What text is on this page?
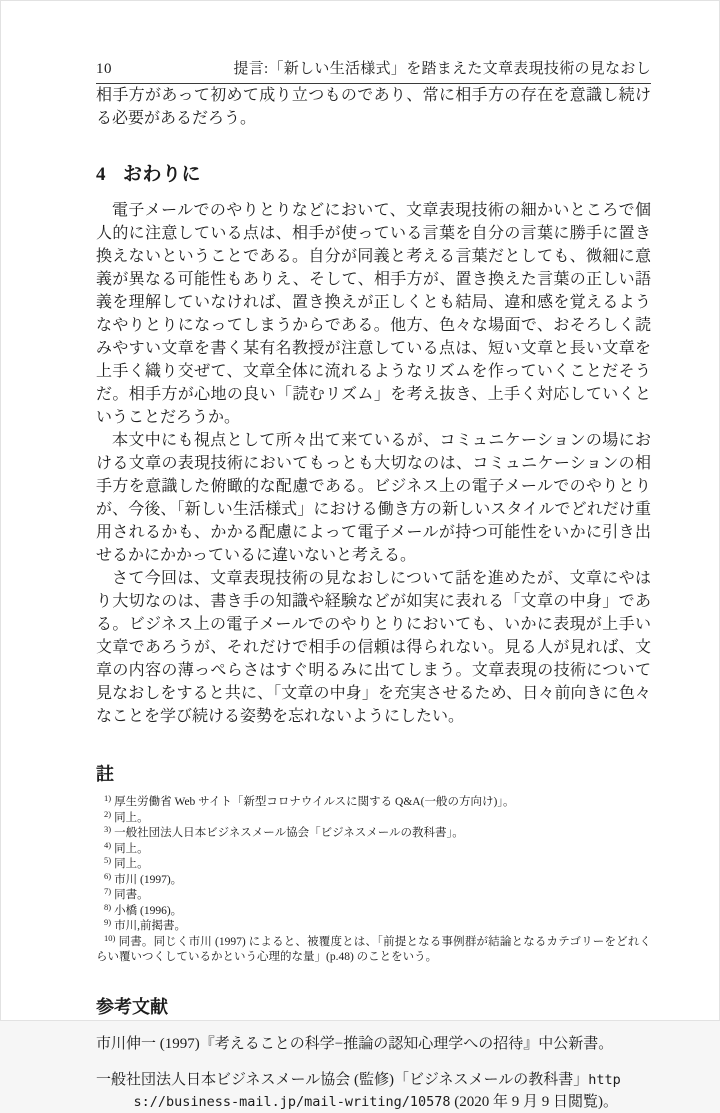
10	提言:「新しい生活様式」を踏まえた文章表現技術の見なおし

相手方があって初めて成り立つものであり、常に相手方の存在を意識し続ける必要があるだろう。

4 おわりに

電子メールでのやりとりなどにおいて、文章表現技術の細かいところで個人的に注意している点は、相手が使っている言葉を自分の言葉に勝手に置き換えないということである。自分が同義と考える言葉だとしても、微細に意義が異なる可能性もありえ、そして、相手方が、置き換えた言葉の正しい語義を理解していなければ、置き換えが正しくとも結局、違和感を覚えるようなやりとりになってしまうからである。他方、色々な場面で、おそろしく読みやすい文章を書く某有名教授が注意している点は、短い文章と長い文章を上手く織り交ぜて、文章全体に流れるようなリズムを作っていくことだそうだ。相手方が心地の良い「読むリズム」を考え抜き、上手く対応していくということだろうか。

本文中にも視点として所々出て来ているが、コミュニケーションの場における文章の表現技術においてもっとも大切なのは、コミュニケーションの相手方を意識した俯瞰的な配慮である。ビジネス上の電子メールでのやりとりが、今後、「新しい生活様式」における働き方の新しいスタイルでどれだけ重用されるかも、かかる配慮によって電子メールが持つ可能性をいかに引き出せるかにかかっているに違いないと考える。

さて今回は、文章表現技術の見なおしについて話を進めたが、文章にやはり大切なのは、書き手の知識や経験などが如実に表れる「文章の中身」である。ビジネス上の電子メールでのやりとりにおいても、いかに表現が上手い文章であろうが、それだけで相手の信頼は得られない。見る人が見れば、文章の内容の薄っぺらさはすぐ明るみに出てしまう。文章表現の技術について見なおしをすると共に、「文章の中身」を充実させるため、日々前向きに色々なことを学び続ける姿勢を忘れないようにしたい。

註
$^{1)}$ 厚生労働省 Web サイト「新型コロナウイルスに関する Q&A(一般の方向け)」。
$^{2)}$ 同上。
$^{3)}$ 一般社団法人日本ビジネスメール協会「ビジネスメールの教科書」。
$^{4)}$ 同上。
$^{5)}$ 同上。
$^{6)}$ 市川 (1997)。
$^{7)}$ 同書。
$^{8)}$ 小橋 (1996)。
$^{9)}$ 市川,前掲書。
$^{10)}$ 同書。同じく市川 (1997) によると、被覆度とは、「前提となる事例群が結論となるカテゴリーをどれくらい覆いつくしているかという心理的な量」(p.48) のことをいう。
参考文献
市川伸一 (1997)『考えることの科学−推論の認知心理学への招待』中公新書。
一般社団法人日本ビジネスメール協会 (監修)「ビジネスメールの教科書」https://business-mail.jp/mail-writing/10578 (2020 年 9 月 9 日閲覧)。
